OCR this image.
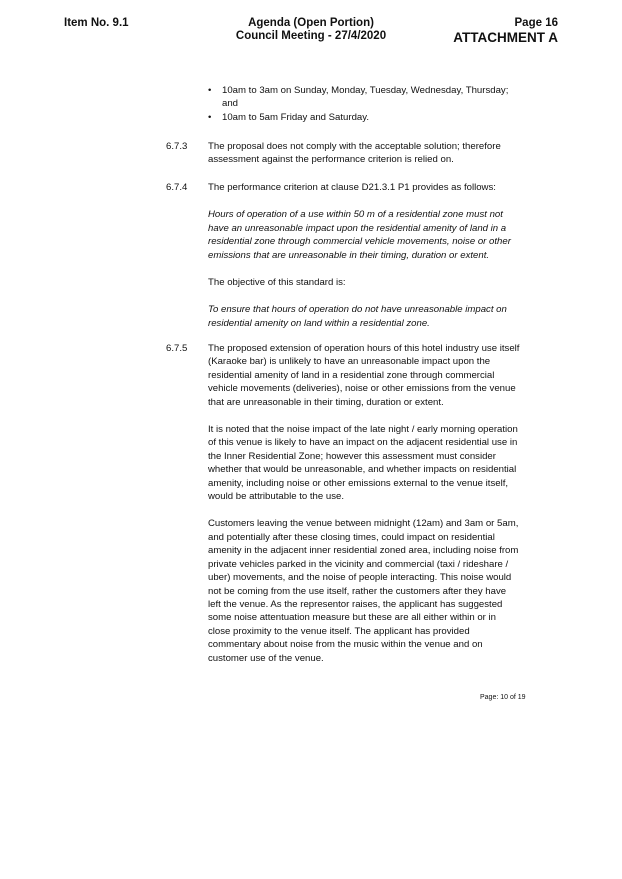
Item No. 9.1	Agenda (Open Portion)
Council Meeting - 27/4/2020
Page 16
ATTACHMENT A
• 10am to 3am on Sunday, Monday, Tuesday, Wednesday, Thursday; and
• 10am to 5am Friday and Saturday.
6.7.3 The proposal does not comply with the acceptable solution; therefore assessment against the performance criterion is relied on.

6.7.4 The performance criterion at clause D21.3.1 P1 provides as follows:

Hours of operation of a use within 50 m of a residential zone must not have an unreasonable impact upon the residential amenity of land in a residential zone through commercial vehicle movements, noise or other emissions that are unreasonable in their timing, duration or extent.

The objective of this standard is:

To ensure that hours of operation do not have unreasonable impact on residential amenity on land within a residential zone.

6.7.5 The proposed extension of operation hours of this hotel industry use itself (Karaoke bar) is unlikely to have an unreasonable impact upon the residential amenity of land in a residential zone through commercial vehicle movements (deliveries), noise or other emissions from the venue that are unreasonable in their timing, duration or extent.

It is noted that the noise impact of the late night / early morning operation of this venue is likely to have an impact on the adjacent residential use in the Inner Residential Zone; however this assessment must consider whether that would be unreasonable, and whether impacts on residential amenity, including noise or other emissions external to the venue itself, would be attributable to the use.

Customers leaving the venue between midnight (12am) and 3am or 5am, and potentially after these closing times, could impact on residential amenity in the adjacent inner residential zoned area, including noise from private vehicles parked in the vicinity and commercial (taxi / rideshare / uber) movements, and the noise of people interacting. This noise would not be coming from the use itself, rather the customers after they have left the venue. As the representor raises, the applicant has suggested some noise attentuation measure but these are all either within or in close proximity to the venue itself. The applicant has provided commentary about noise from the music within the venue and on customer use of the venue.

Page: 10 of 19
